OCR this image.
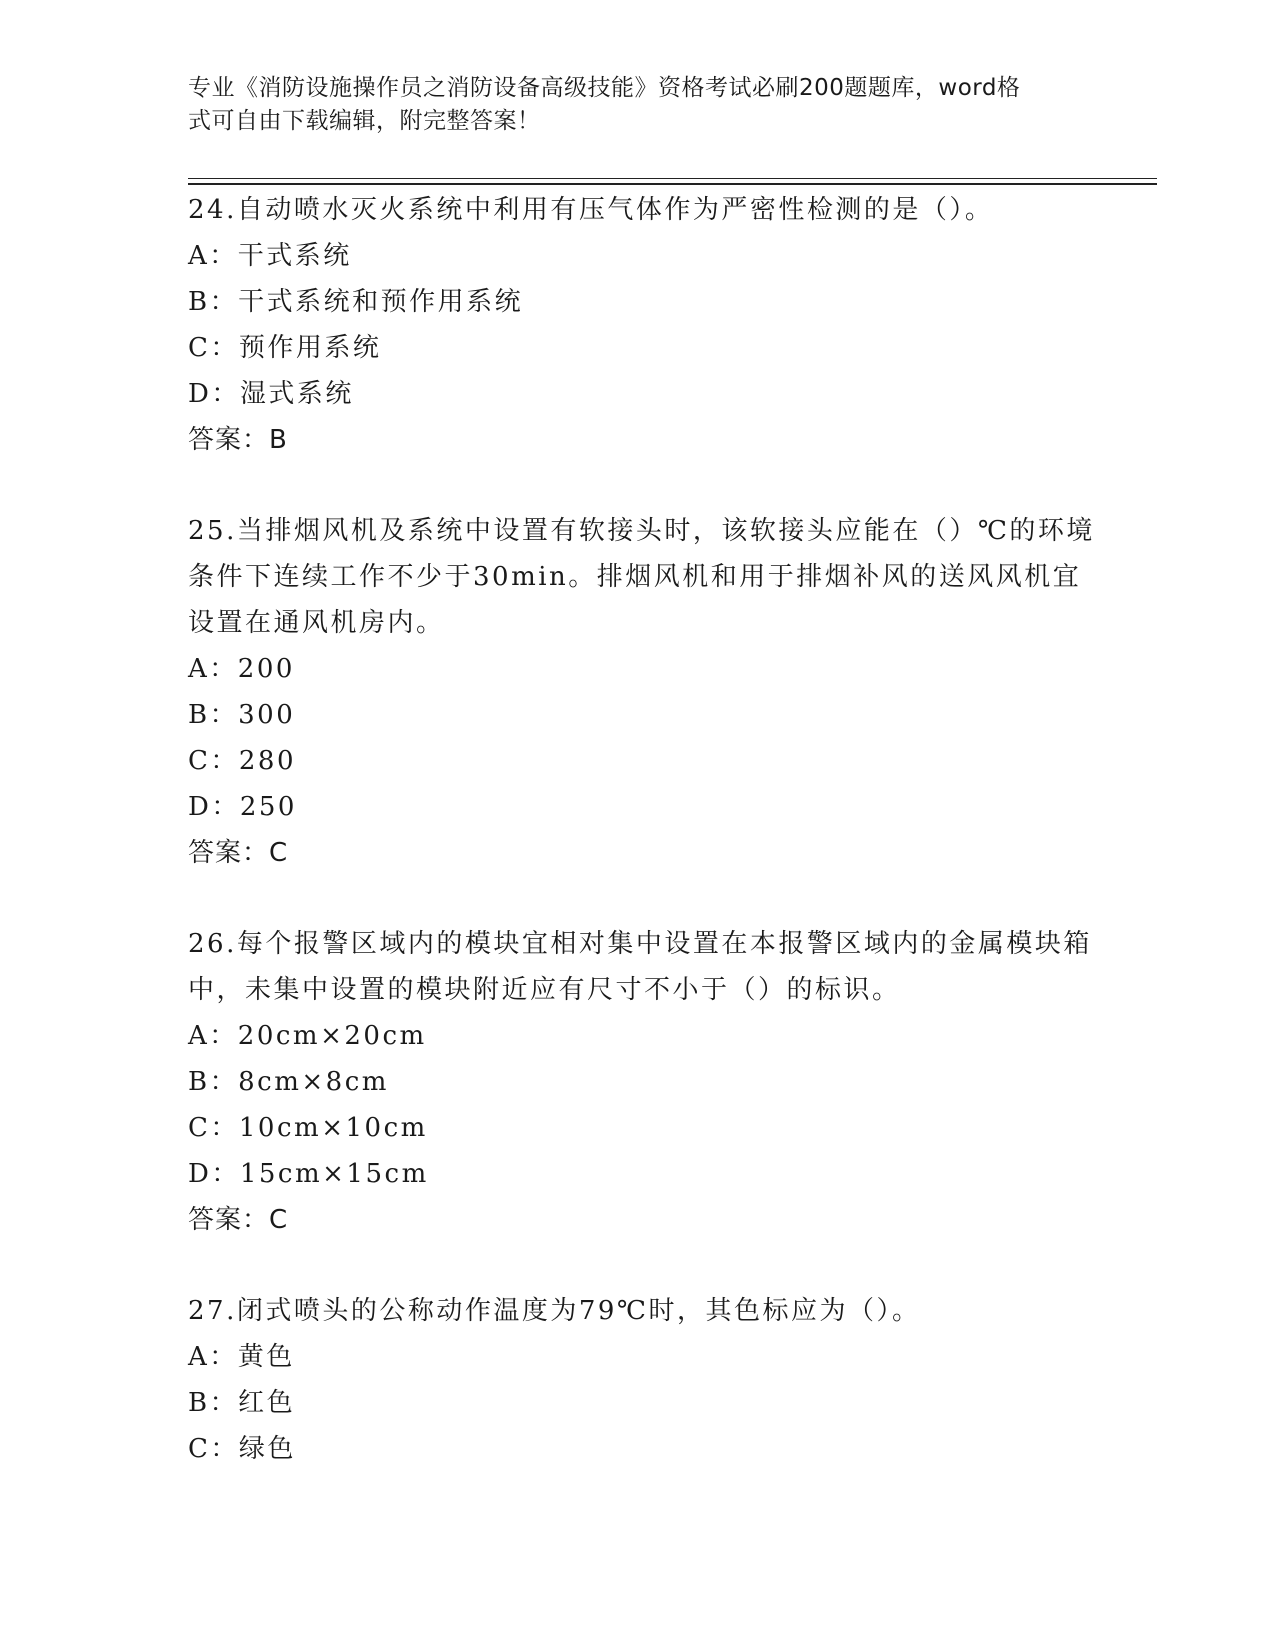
专业《消防设施操作员之消防设备高级技能》资格考试必刷200题题库，word格
式可自由下载编辑，附完整答案！

24.自动喷水灭火系统中利用有压气体作为严密性检测的是（）。

A：干式系统

B：干式系统和预作用系统

C：预作用系统

D：湿式系统

答案：B

25.当排烟风机及系统中设置有软接头时，该软接头应能在（）℃的环境条件下连续工作不少于30min。排烟风机和用于排烟补风的送风风机宜设置在通风机房内。

A：200

B：300

C：280

D：250

答案：C

26.每个报警区域内的模块宜相对集中设置在本报警区域内的金属模块箱中，未集中设置的模块附近应有尺寸不小于（）的标识。

A：20cm×20cm

B：8cm×8cm

C：10cm×10cm

D：15cm×15cm

答案：C

27.闭式喷头的公称动作温度为79℃时，其色标应为（）。

A：黄色

B：红色

C：绿色
